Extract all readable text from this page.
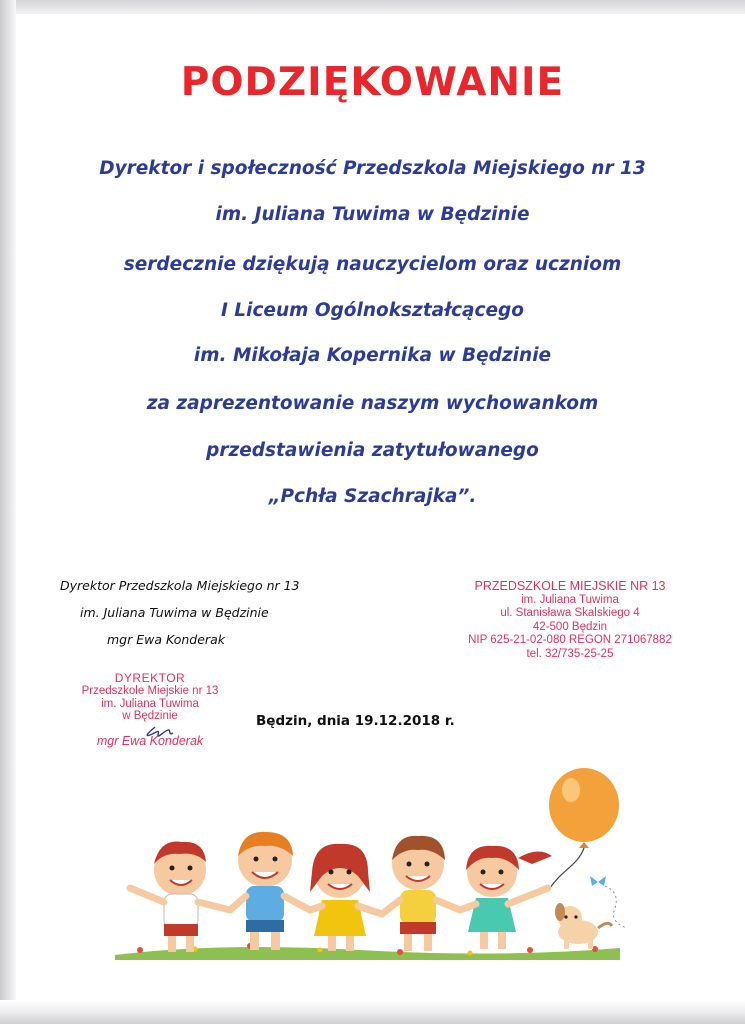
PODZIĘKOWANIE
Dyrektor i społeczność Przedszkola Miejskiego nr 13
im. Juliana Tuwima w Będzinie
serdecznie dziękują nauczycielom oraz uczniom
I Liceum Ogólnokształcącego
im. Mikołaja Kopernika w Będzinie
za zaprezentowanie naszym wychowankom
przedstawienia zatytułowanego
„Pchła Szachrajka”.
Dyrektor Przedszkola Miejskiego nr 13
im. Juliana Tuwima w Będzinie
mgr Ewa Konderak
PRZEDSZKOLE MIEJSKIE NR 13
im. Juliana Tuwima
ul. Stanisława Skalskiego 4
42-500 Będzin
NIP 625-21-02-080 REGON 271067882
tel. 32/735-25-25
DYREKTOR
Przedszkole Miejskie nr 13
im. Juliana Tuwima
w Będzinie
mgr Ewa Konderak
Będzin, dnia 19.12.2018 r.
